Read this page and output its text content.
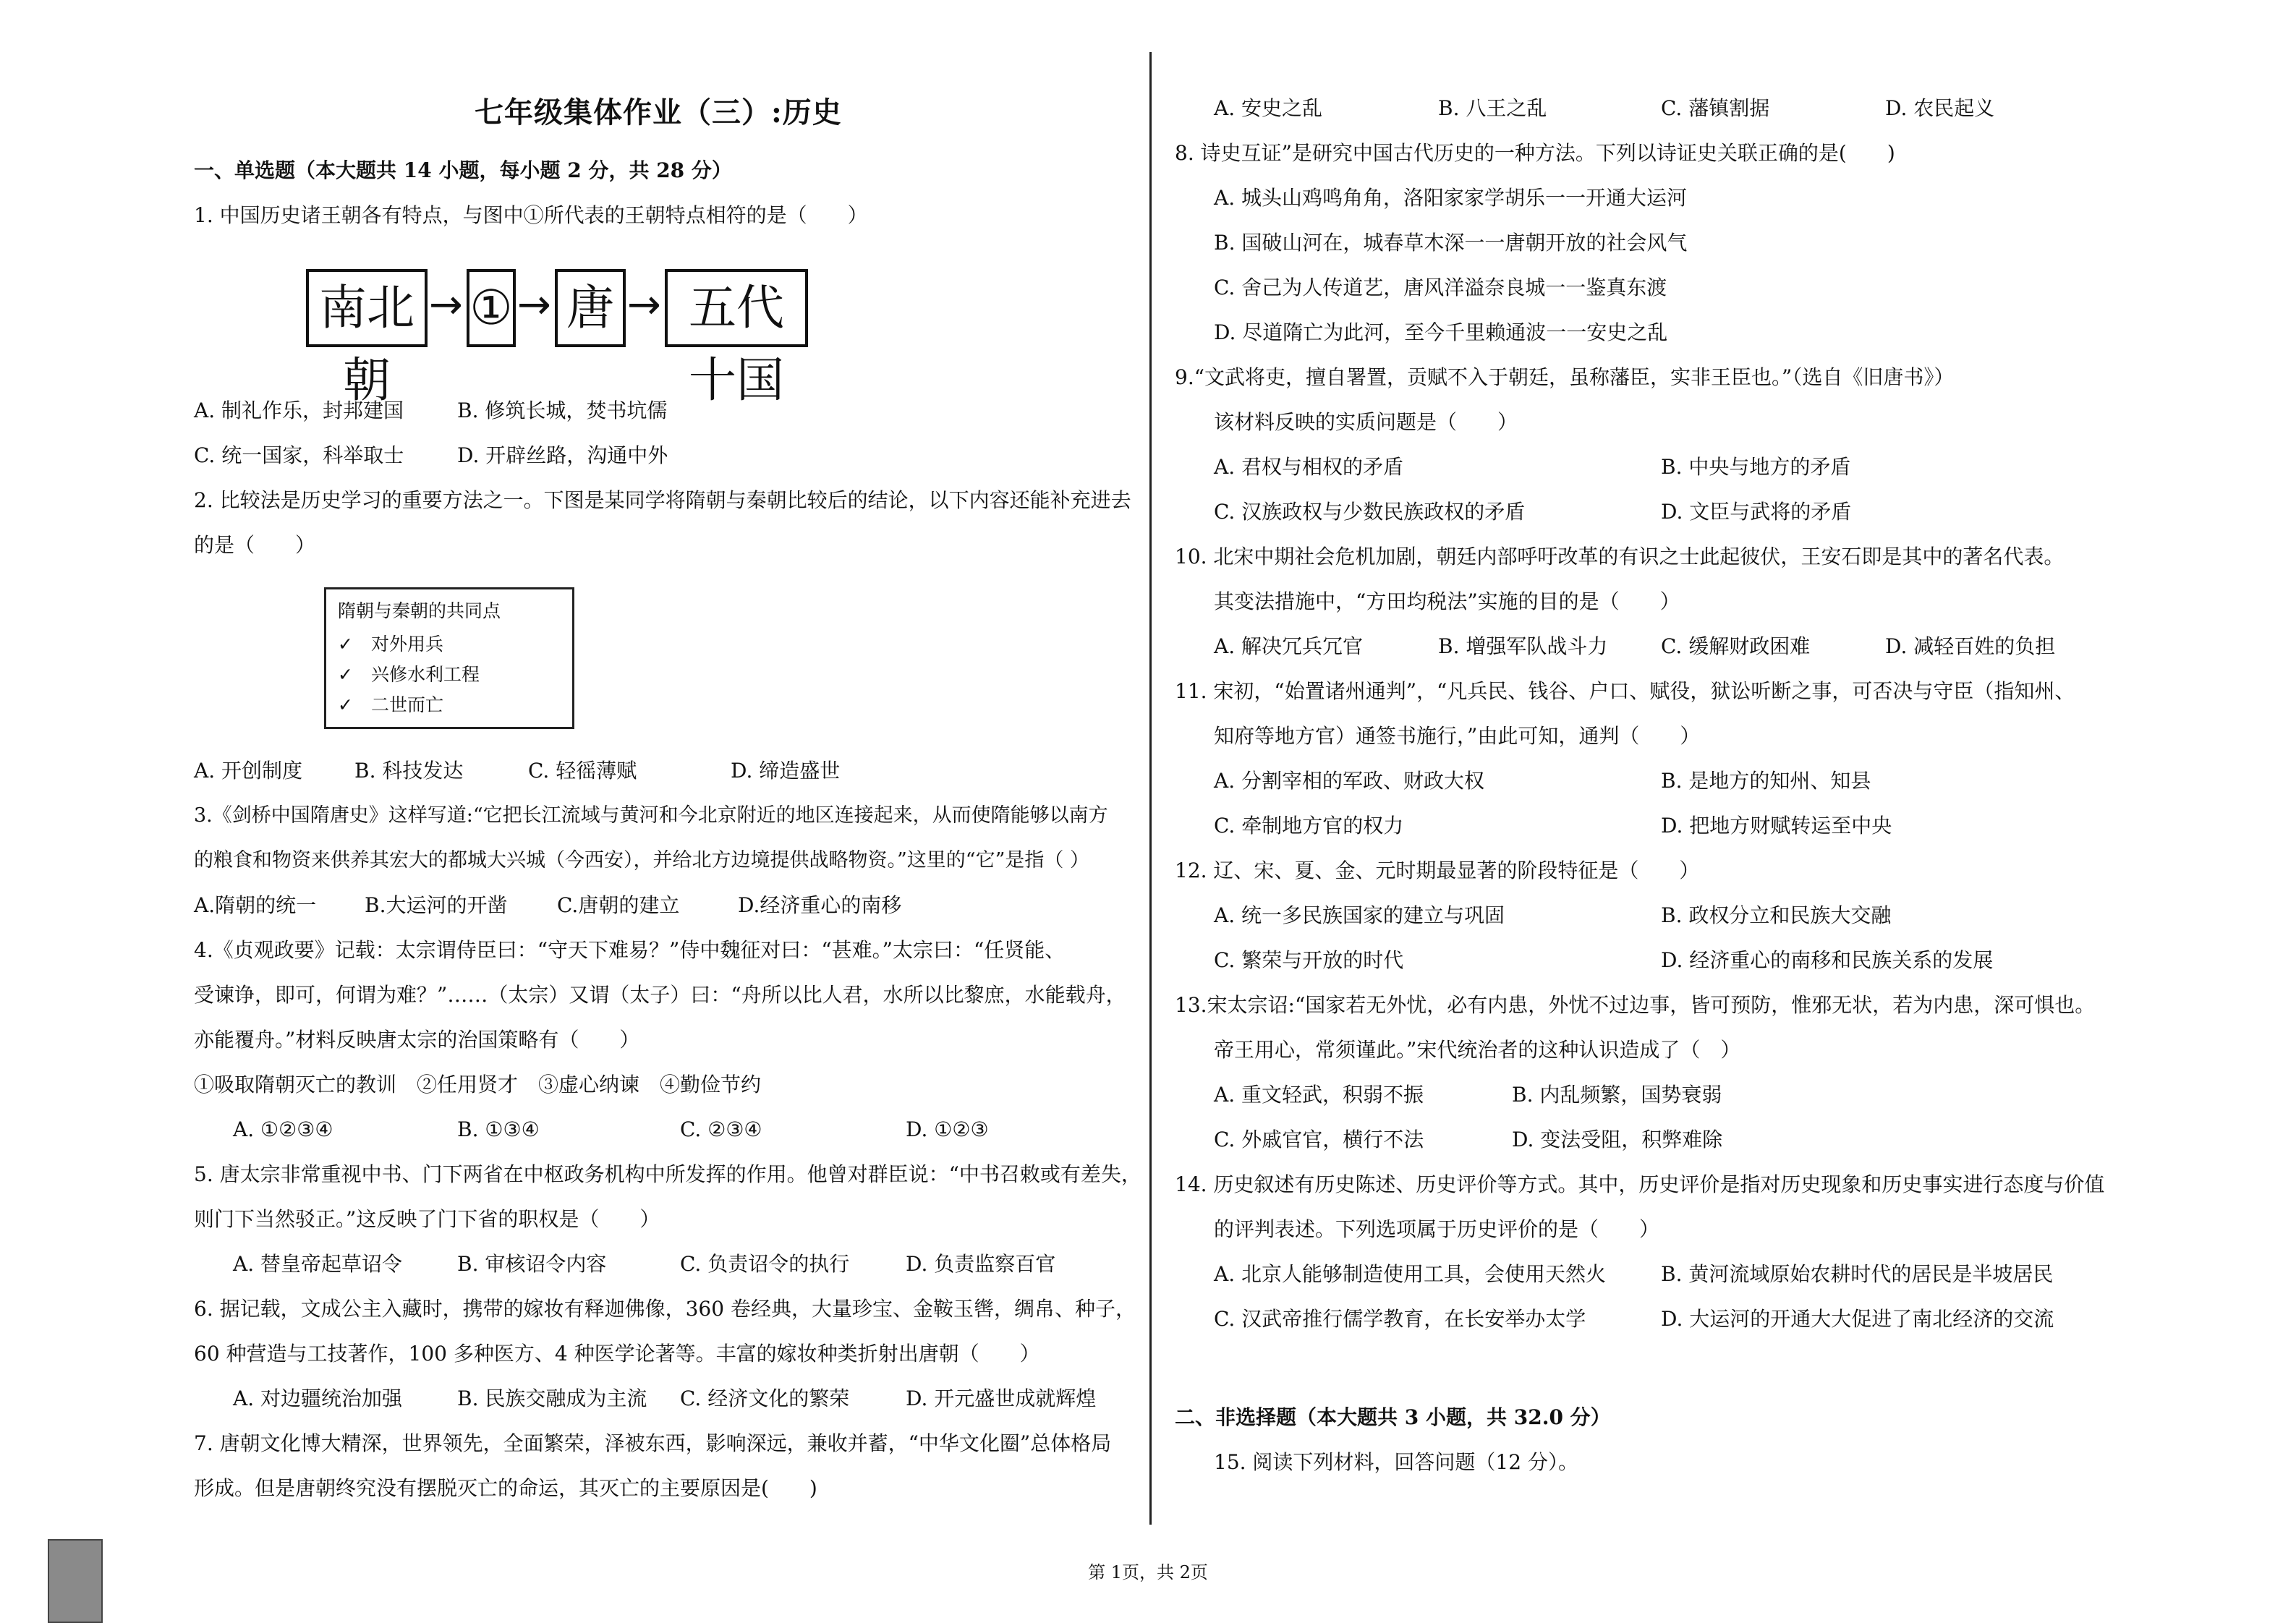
七年级集体作业（三）:历史
一、单选题（本大题共 14 小题，每小题 2 分，共 28 分）
1. 中国历史诸王朝各有特点，与图中①所代表的王朝特点相符的是（　　）
南北朝
→ ① → 唐 → 五代十国
A. 制礼作乐，封邦建国	B. 修筑长城，焚书坑儒
C. 统一国家，科举取士	D. 开辟丝路，沟通中外
2. 比较法是历史学习的重要方法之一。下图是某同学将隋朝与秦朝比较后的结论，以下内容还能补充进去
的是（　　）
隋朝与秦朝的共同点
✓　对外用兵
✓　兴修水利工程
✓　二世而亡
A. 开创制度	B. 科技发达	C. 轻徭薄赋	D. 缔造盛世
3.《剑桥中国隋唐史》这样写道:“它把长江流域与黄河和今北京附近的地区连接起来，从而使隋能够以南方
的粮食和物资来供养其宏大的都城大兴城（今西安），并给北方边境提供战略物资。”这里的“它”是指（ ）
A.隋朝的统一 B.大运河的开凿 C.唐朝的建立	D.经济重心的南移
4.《贞观政要》记载：太宗谓侍臣曰：“守天下难易？”侍中魏征对曰：“甚难。”太宗曰：“任贤能、
受谏诤，即可，何谓为难？”……（太宗）又谓（太子）曰：“舟所以比人君，水所以比黎庶，水能载舟，
亦能覆舟。”材料反映唐太宗的治国策略有（　　）
①吸取隋朝灭亡的教训　②任用贤才　③虚心纳谏　④勤俭节约
A. ①②③④	B. ①③④	C. ②③④	D. ①②③
5. 唐太宗非常重视中书、门下两省在中枢政务机构中所发挥的作用。他曾对群臣说：“中书召敕或有差失，
则门下当然驳正。”这反映了门下省的职权是（　　）
A. 替皇帝起草诏令	B. 审核诏令内容	C. 负责诏令的执行	D. 负责监察百官
6. 据记载，文成公主入藏时，携带的嫁妆有释迦佛像，360 卷经典，大量珍宝、金鞍玉辔，绸帛、种子，
60 种营造与工技著作，100 多种医方、4 种医学论著等。丰富的嫁妆种类折射出唐朝（　　）
A. 对边疆统治加强	B. 民族交融成为主流 C. 经济文化的繁荣	D. 开元盛世成就辉煌
7. 唐朝文化博大精深，世界领先，全面繁荣，泽被东西，影响深远，兼收并蓄，“中华文化圈”总体格局
形成。但是唐朝终究没有摆脱灭亡的命运，其灭亡的主要原因是(　　)
A. 安史之乱	B. 八王之乱	C. 藩镇割据	D. 农民起义
8. 诗史互证”是研究中国古代历史的一种方法。下列以诗证史关联正确的是(　　)
A. 城头山鸡鸣角角，洛阳家家学胡乐一一开通大运河
B. 国破山河在，城春草木深一一唐朝开放的社会风气
C. 舍己为人传道艺，唐风洋溢奈良城一一鉴真东渡
D. 尽道隋亡为此河，至今千里赖通波一一安史之乱
9.“文武将吏，擅自署置，贡赋不入于朝廷，虽称藩臣，实非王臣也。”（选自《旧唐书》）
该材料反映的实质问题是（　　）
A. 君权与相权的矛盾	B. 中央与地方的矛盾
C. 汉族政权与少数民族政权的矛盾	D. 文臣与武将的矛盾
10. 北宋中期社会危机加剧，朝廷内部呼吁改革的有识之士此起彼伏，王安石即是其中的著名代表。
其变法措施中，“方田均税法”实施的目的是（　　）
A. 解决冗兵冗官	B. 增强军队战斗力	C. 缓解财政困难	D. 减轻百姓的负担
11. 宋初，“始置诸州通判”，“凡兵民、钱谷、户口、赋役，狱讼听断之事，可否决与守臣（指知州、
知府等地方官）通签书施行，”由此可知，通判（　　）
A. 分割宰相的军政、财政大权	B. 是地方的知州、知县
C. 牵制地方官的权力	D. 把地方财赋转运至中央
12. 辽、宋、夏、金、元时期最显著的阶段特征是（　　）
A. 统一多民族国家的建立与巩固	B. 政权分立和民族大交融
C. 繁荣与开放的时代	D. 经济重心的南移和民族关系的发展
13.宋太宗诏:“国家若无外忧，必有内患，外忧不过边事，皆可预防，惟邪无状，若为内患，深可惧也。
帝王用心，常须谨此。”宋代统治者的这种认识造成了（　）
A. 重文轻武，积弱不振	B. 内乱频繁，国势衰弱
C. 外戚官官，横行不法	D. 变法受阻，积弊难除
14. 历史叙述有历史陈述、历史评价等方式。其中，历史评价是指对历史现象和历史事实进行态度与价值
的评判表述。下列选项属于历史评价的是（　　）
A. 北京人能够制造使用工具，会使用天然火	B. 黄河流域原始农耕时代的居民是半坡居民
C. 汉武帝推行儒学教育，在长安举办太学	D. 大运河的开通大大促进了南北经济的交流
二、非选择题（本大题共 3 小题，共 32.0 分）
15. 阅读下列材料，回答问题（12 分）。
第 1页，共 2页
